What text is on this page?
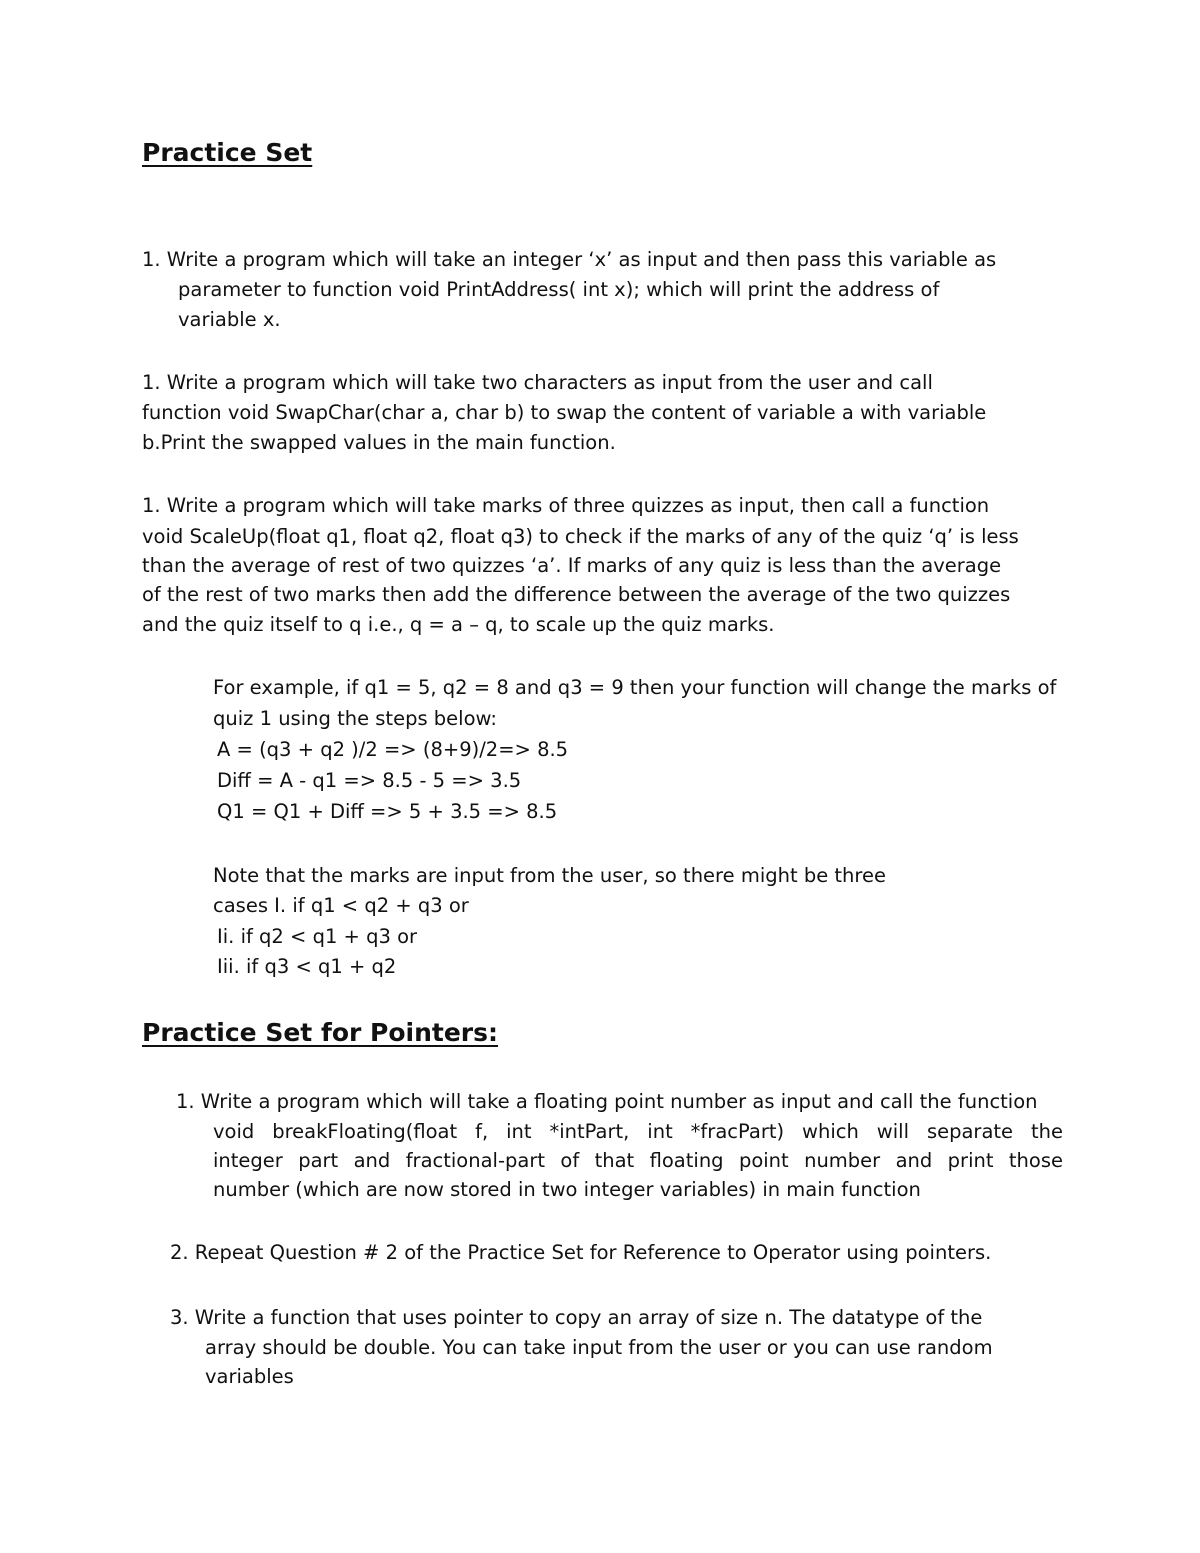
Practice Set

1. Write a program which will take an integer ‘x’ as input and then pass this variable as

parameter to function void PrintAddress( int x); which will print the address of

variable x.

1. Write a program which will take two characters as input from the user and call

function void SwapChar(char a, char b) to swap the content of variable a with variable

b.Print the swapped values in the main function.

1. Write a program which will take marks of three quizzes as input, then call a function

void ScaleUp(float q1, float q2, float q3) to check if the marks of any of the quiz ‘q’ is less

than the average of rest of two quizzes ‘a’. If marks of any quiz is less than the average

of the rest of two marks then add the difference between the average of the two quizzes

and the quiz itself to q i.e., q = a – q, to scale up the quiz marks.

For example, if q1 = 5, q2 = 8 and q3 = 9 then your function will change the marks of

quiz 1 using the steps below:

A = (q3 + q2 )/2 => (8+9)/2=> 8.5

Diff = A - q1 => 8.5 - 5 => 3.5

Q1 = Q1 + Diff => 5 + 3.5 => 8.5

Note that the marks are input from the user, so there might be three

cases I. if q1 < q2 + q3 or

Ii. if q2 < q1 + q3 or

Iii. if q3 < q1 + q2

Practice Set for Pointers:

1. Write a program which will take a floating point number as input and call the function

void breakFloating(float f, int *intPart, int *fracPart) which will separate the

integer part and fractional-part of that floating point number and print those

number (which are now stored in two integer variables) in main function

2. Repeat Question # 2 of the Practice Set for Reference to Operator using pointers.

3. Write a function that uses pointer to copy an array of size n. The datatype of the

array should be double. You can take input from the user or you can use random

variables
